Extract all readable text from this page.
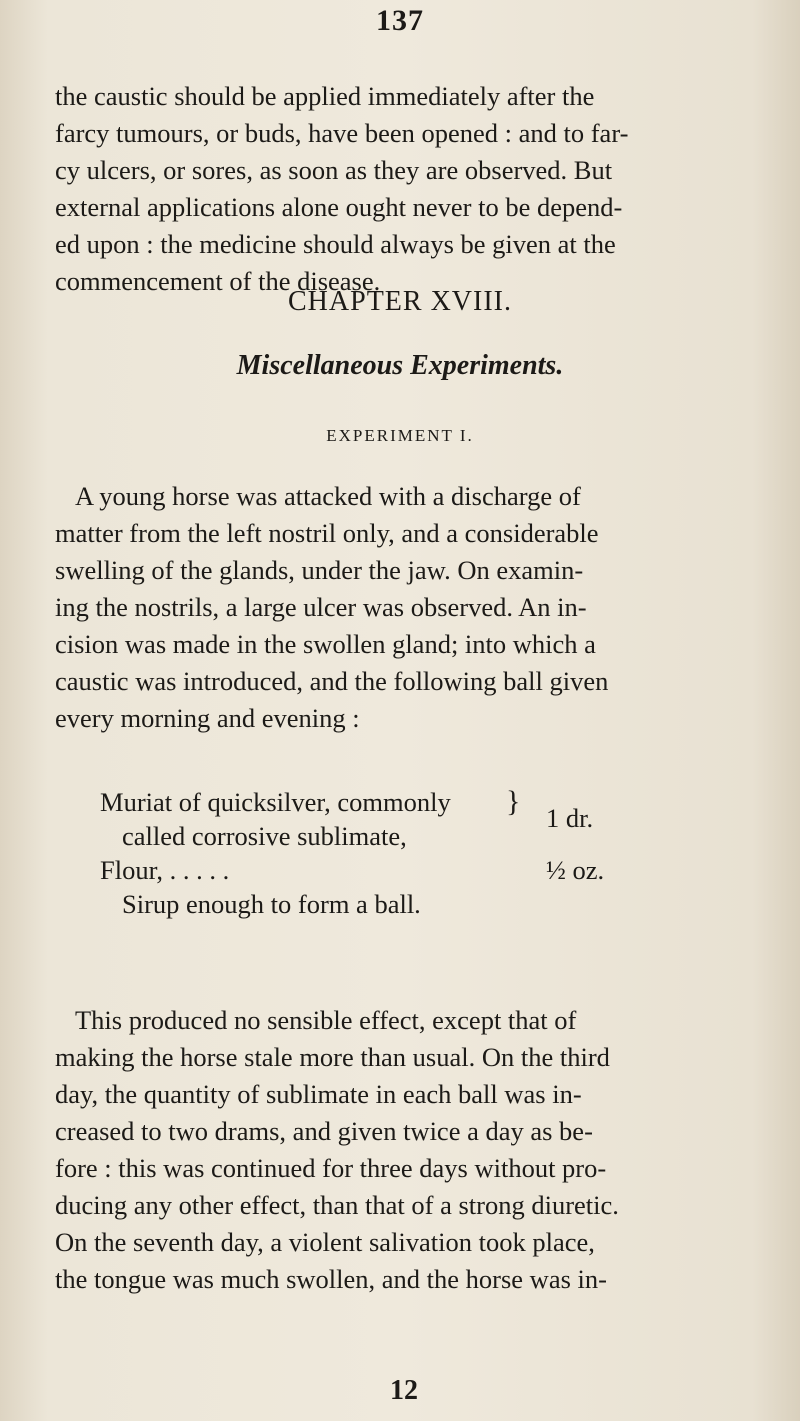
137
the caustic should be applied immediately after the
farcy tumours, or buds, have been opened : and to far-
cy ulcers, or sores, as soon as they are observed. But
external applications alone ought never to be depend-
ed upon : the medicine should always be given at the
commencement of the disease.
CHAPTER XVIII.
Miscellaneous Experiments.
EXPERIMENT I.
A young horse was attacked with a discharge of
matter from the left nostril only, and a considerable
swelling of the glands, under the jaw. On examin-
ing the nostrils, a large ulcer was observed. An in-
cision was made in the swollen gland; into which a
caustic was introduced, and the following ball given
every morning and evening :
Muriat of quicksilver, commonly } 1 dr.
called corrosive sublimate,
Flour, . . . . .	½ oz.
Sirup enough to form a ball.
This produced no sensible effect, except that of
making the horse stale more than usual. On the third
day, the quantity of sublimate in each ball was in-
creased to two drams, and given twice a day as be-
fore : this was continued for three days without pro-
ducing any other effect, than that of a strong diuretic.
On the seventh day, a violent salivation took place,
the tongue was much swollen, and the horse was in-
12
